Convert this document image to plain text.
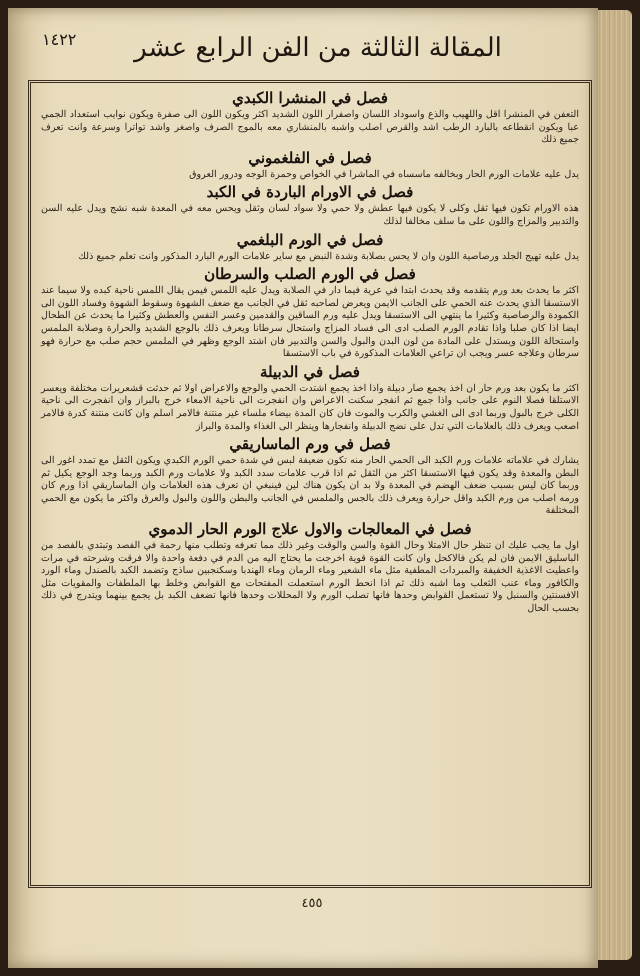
١٤٢٢	المقالة الثالثة من الفن الرابع عشر
فصل في المنشرا الكبدي

التعفن في المنشرا اقل واللهيب والذع واسوداد اللسان واصفرار اللون الشديد اكثر ويكون اللون الى صفرة ويكون نوايب استعداد الجمي عبا ويكون انقطاعه بالبارد الرطب اشد والقرص اصلب واشبه بالمنشاري معه بالموج الصرف واصغر واشد تواترا وسرعة وانت تعرف جميع ذلك

فصل في الفلغموني

يدل عليه علامات الورم الحار وبخالفه ماسساه في الماشرا في الخواص وحمرة الوجه ودرور العروق

فصل في الاورام الباردة في الكبد

هذه الاورام تكون فيها ثقل وكلى لا يكون فيها عطش ولا حمي ولا سواد لسان وثقل ويحس معه في المعدة شبه نشج ويدل عليه السن والتدبير والمزاج واللون على ما سلف مخالفا لذلك

فصل في الورم البلغمي

يدل عليه تهيج الجلد ورصاصية اللون وان لا يحس بصلابة وشدة النبض مع ساير علامات الورم البارد المذكور وانت تعلم جميع ذلك

فصل في الورم الصلب والسرطان

اكثر ما يحدث بعد ورم يتقدمه وقد يحدث ابتدا في عرية فيما دار في الصلابة ويدل عليه اللمس فيمن يقال اللمس ناحية كبده ولا سيما عند الاستسقا الذي يحدث عنه الحمي على الجانب الايمن ويعرض لصاحبه ثقل في الجانب مع ضعف الشهوة وسقوط الشهوة وفساد اللون الى الكمودة والرصاصية وكثيرا ما ينتهي الى الاستسقا ويدل عليه ورم الساقين والقدمين وعسر النفس والعطش وكثيرا ما يحدث عن الطحال ايضا اذا كان صلبا واذا تقادم الورم الصلب ادى الى فساد المزاج واستحال سرطانا ويعرف ذلك بالوجع الشديد والحرارة وصلابة الملمس واستحالة اللون ويستدل على المادة من لون البدن والبول والسن والتدبير فان اشتد الوجع وظهر في الملمس حجم صلب مع حرارة فهو سرطان وعلاجه عسر ويجب ان تراعي العلامات المذكورة في باب الاستسقا

فصل في الدبيلة

اكثر ما يكون بعد ورم حار ان اخذ يجمع صار دبيلة واذا اخذ يجمع اشتدت الحمي والوجع والاعراض اولا ثم حدثت قشعريرات مختلفة ويعسر الاستلقا فصلا النوم على جانب واذا جمع ثم انفجر سكنت الاعراض وان انفجرت الى ناحية الامعاء خرج بالبراز وان انفجرت الى ناحية الكلى خرج بالبول وربما ادى الى الغشي والكرب والموت فان كان المدة بيضاء ملساء غير منتنة فالامر اسلم وان كانت منتنة كدرة فالامر اصعب ويعرف ذلك بالعلامات التي تدل على نضج الدبيلة وانفجارها وينظر الى الغذاء والمدة والبراز

فصل في ورم الماساريقي

يشارك في علاماته علامات ورم الكبد الى الحمي الحار منه تكون ضعيفة لبس في شدة حمي الورم الكبدي ويكون الثقل مع تمدد اغور الى البطن والمعدة وقد يكون فيها الاستسقا اكثر من الثقل ثم اذا قرب علامات سدد الكبد ولا علامات ورم الكبد وربما وجد الوجع يكيل ثم وربما كان ليس بسبب ضعف الهضم في المعدة ولا بد ان يكون هناك لين فينبغي ان تعرف هذه العلامات وان الماساريقي اذا ورم كان ورمه اصلب من ورم الكبد واقل حرارة ويعرف ذلك بالجس والملمس في الجانب والبطن واللون والبول والعرق واكثر ما يكون مع الحمي المختلفة

فصل في المعالجات والاول علاج الورم الحار الدموي

اول ما يجب عليك ان تنظر حال الامتلا وحال القوة والسن والوقت وغير ذلك مما تعرفه وتطلب منها رحمة في الفصد وتبتدي بالفصد من الباسليق الايمن فان لم يكن فالاكحل وان كانت القوة قوية اخرجت ما يحتاج اليه من الدم في دفعة واحدة والا فرقت وشرحته في مرات واعطيت الاغذية الخفيفة والمبردات المطفية مثل ماء الشعير وماء الرمان وماء الهندبا وسكنجبين ساذج وتضمد الكبد بالصندل وماء الورد والكافور وماء عنب الثعلب وما اشبه ذلك ثم اذا انحط الورم استعملت المفتحات مع القوابض وخلط بها الملطفات والمقويات مثل الافسنتين والسنبل ولا تستعمل القوابض وحدها فانها تصلب الورم ولا المحللات وحدها فانها تضعف الكبد بل يجمع بينهما ويتدرج في ذلك بحسب الحال

٤٥٥
